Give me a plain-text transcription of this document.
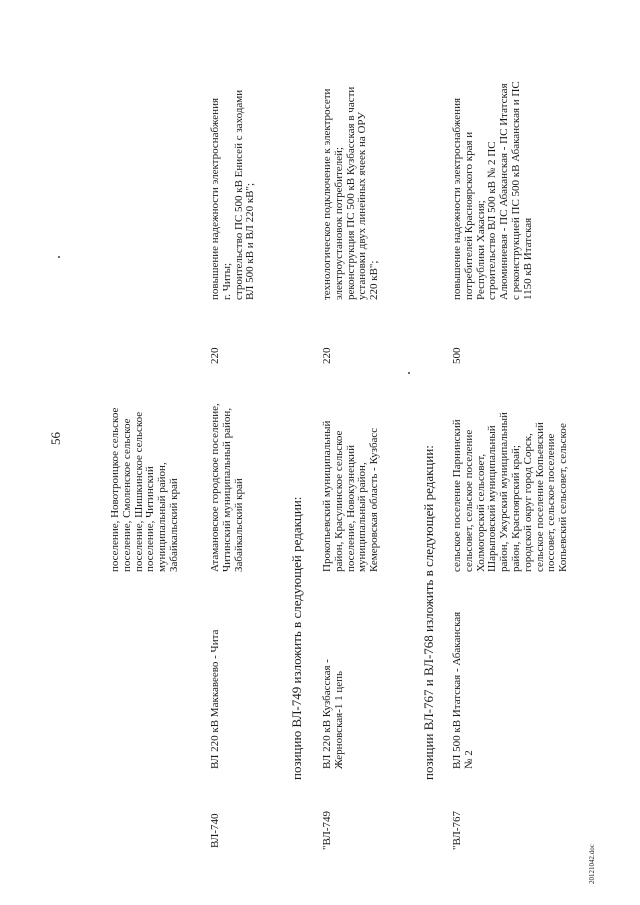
56	поселение, Новотроицкое сельское поселение, Смоленское сельское поселение, Шишкинское сельское поселение, Читинский муниципальный район, Забайкальский край
ВЛ-740
ВЛ 220 кВ Маккавеево - Чита
Атамановское городское поселение, Читинский муниципальный район, Забайкальский край
220
повышение надежности электроснабжения г. Читы; строительство ПС 500 кВ Енисей с заходами ВЛ 500 кВ и ВЛ 220 кВ";
позицию ВЛ-749 изложить в следующей редакции:
"ВЛ-749
ВЛ 220 кВ Кузбасская - Жерновская-1 1 цепь
Прокопьевский муниципальный район, Красулинское сельское поселение, Новокузнецкий муниципальный район, Кемеровская область - Кузбасс
220
технологическое подключение к электросети электроустановок потребителей; реконструкция ПС 500 кВ Кузбасская в части установки двух линейных ячеек на ОРУ 220 кВ";
позиции ВЛ-767 и ВЛ-768 изложить в следующей редакции:
"ВЛ-767
ВЛ 500 кВ Итатская - Абаканская № 2
сельское поселение Парнинский сельсовет, сельское поселение Холмогорский сельсовет, Шарыповский муниципальный район, Ужурский муниципальный район, Красноярский край; городской округ город Сорск, сельское поселение Копьевский поссовет, сельское поселение Копьевский сельсовет, сельское
500
повышение надежности электроснабжения потребителей Красноярского края и Республики Хакасия; строительство ВЛ 500 кВ № 2 ПС Алюминиевая - ПС Абаканская - ПС Итатская с реконструкцией ПС 500 кВ Абаканская и ПС 1150 кВ Итатская
20121042.doc
